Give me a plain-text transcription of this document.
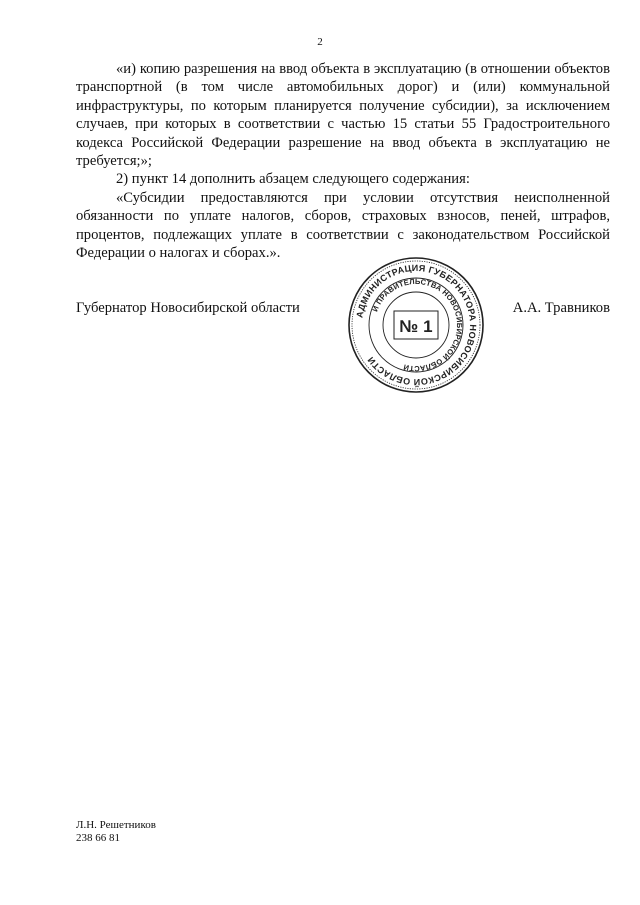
2

«и) копию разрешения на ввод объекта в эксплуатацию (в отношении объектов транспортной (в том числе автомобильных дорог) и (или) коммунальной инфраструктуры, по которым планируется получение субсидии), за исключением случаев, при которых в соответствии с частью 15 статьи 55 Градостроительного кодекса Российской Федерации разрешение на ввод объекта в эксплуатацию не требуется;»;

2) пункт 14 дополнить абзацем следующего содержания:

«Субсидии предоставляются при условии отсутствия неисполненной обязанности по уплате налогов, сборов, страховых взносов, пеней, штрафов, процентов, подлежащих уплате в соответствии с законодательством Российской Федерации о налогах и сборах.».

Губернатор Новосибирской области	А.А. Травников
АДМИНИСТРАЦИЯ ГУБЕРНАТОРА НОВОСИБИРСКОЙ ОБЛАСТИ
И ПРАВИТЕЛЬСТВА НОВОСИБИРСКОЙ ОБЛАСТИ
№ 1
Л.Н. Решетников
238 66 81
